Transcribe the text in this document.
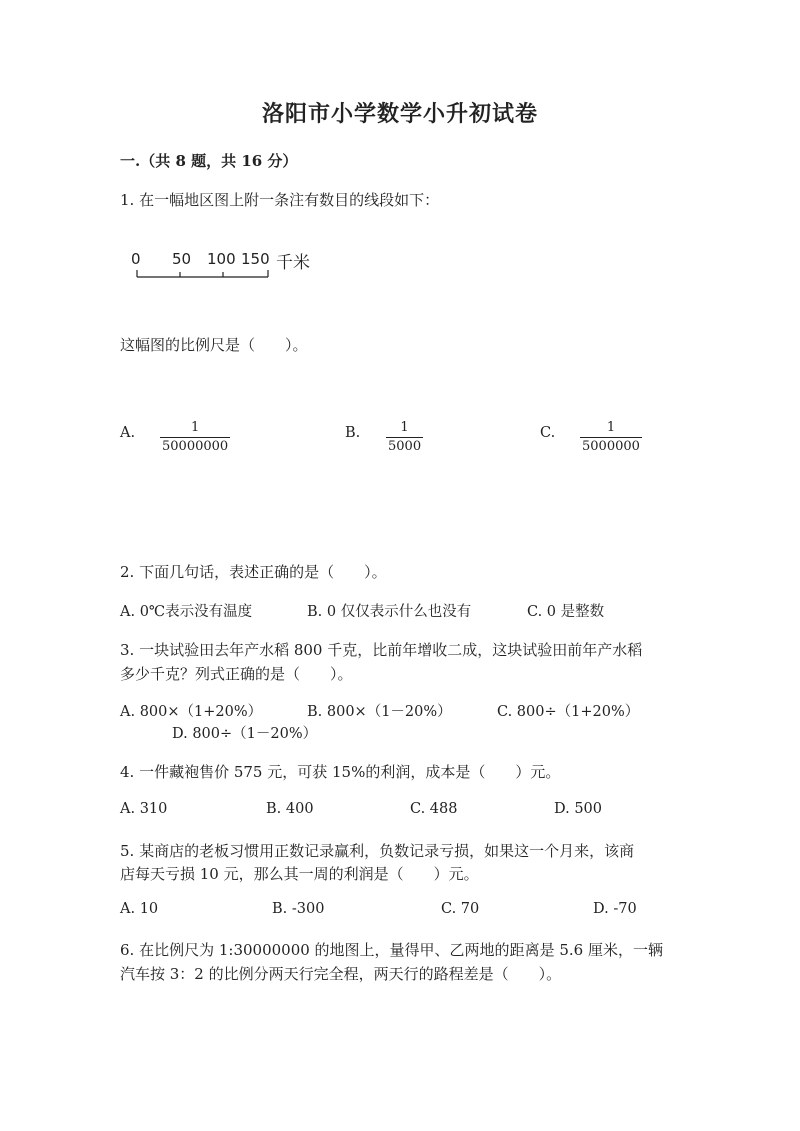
洛阳市小学数学小升初试卷
一.（共 8 题，共 16 分）
1. 在一幅地区图上附一条注有数目的线段如下：
0 50 100 150 千米
这幅图的比例尺是（　　）。
A.	1
50000000
B.	1
5000
C.	1
5000000
2. 下面几句话，表述正确的是（　　）。
A. 0℃表示没有温度	B. 0 仅仅表示什么也没有	C. 0 是整数
3. 一块试验田去年产水稻 800 千克，比前年增收二成，这块试验田前年产水稻
多少千克？列式正确的是（　　）。
A. 800×（1+20%）	B. 800×（1－20%）	C. 800÷（1+20%）
D. 800÷（1－20%）
4. 一件藏袍售价 575 元，可获 15%的利润，成本是（　　）元。
A. 310	B. 400	C. 488	D. 500
5. 某商店的老板习惯用正数记录赢利，负数记录亏损，如果这一个月来，该商
店每天亏损 10 元，那么其一周的利润是（　　）元。
A. 10	B. -300	C. 70	D. -70
6. 在比例尺为 1:30000000 的地图上，量得甲、乙两地的距离是 5.6 厘米，一辆
汽车按 3：2 的比例分两天行完全程，两天行的路程差是（　　）。
